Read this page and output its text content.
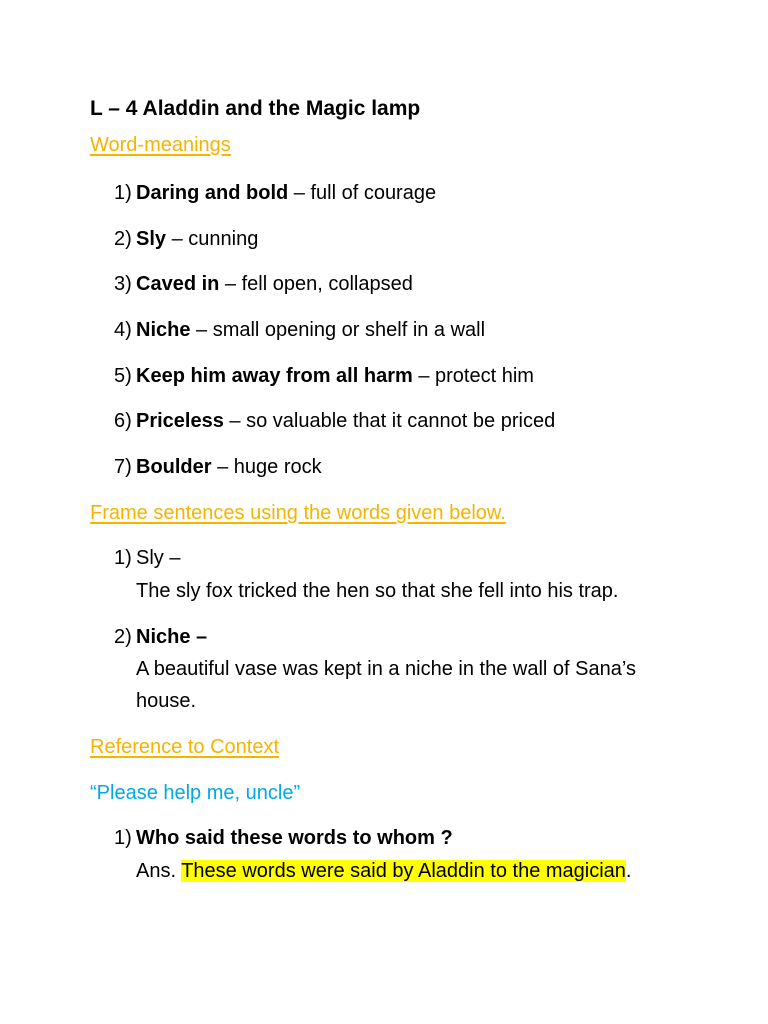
L – 4 Aladdin and the Magic lamp
Word-meanings
1) Daring and bold – full of courage
2) Sly – cunning
3) Caved in – fell open, collapsed
4) Niche – small opening or shelf in a wall
5) Keep him away from all harm – protect him
6) Priceless – so valuable that it cannot be priced
7) Boulder – huge rock
Frame sentences using the words given below.
1) Sly –
The sly fox tricked the hen so that she fell into his trap.
2) Niche –
A beautiful vase was kept in a niche in the wall of Sana’s
house.
Reference to Context
“Please help me, uncle”
1) Who said these words to whom ?
Ans. These words were said by Aladdin to the magician.
